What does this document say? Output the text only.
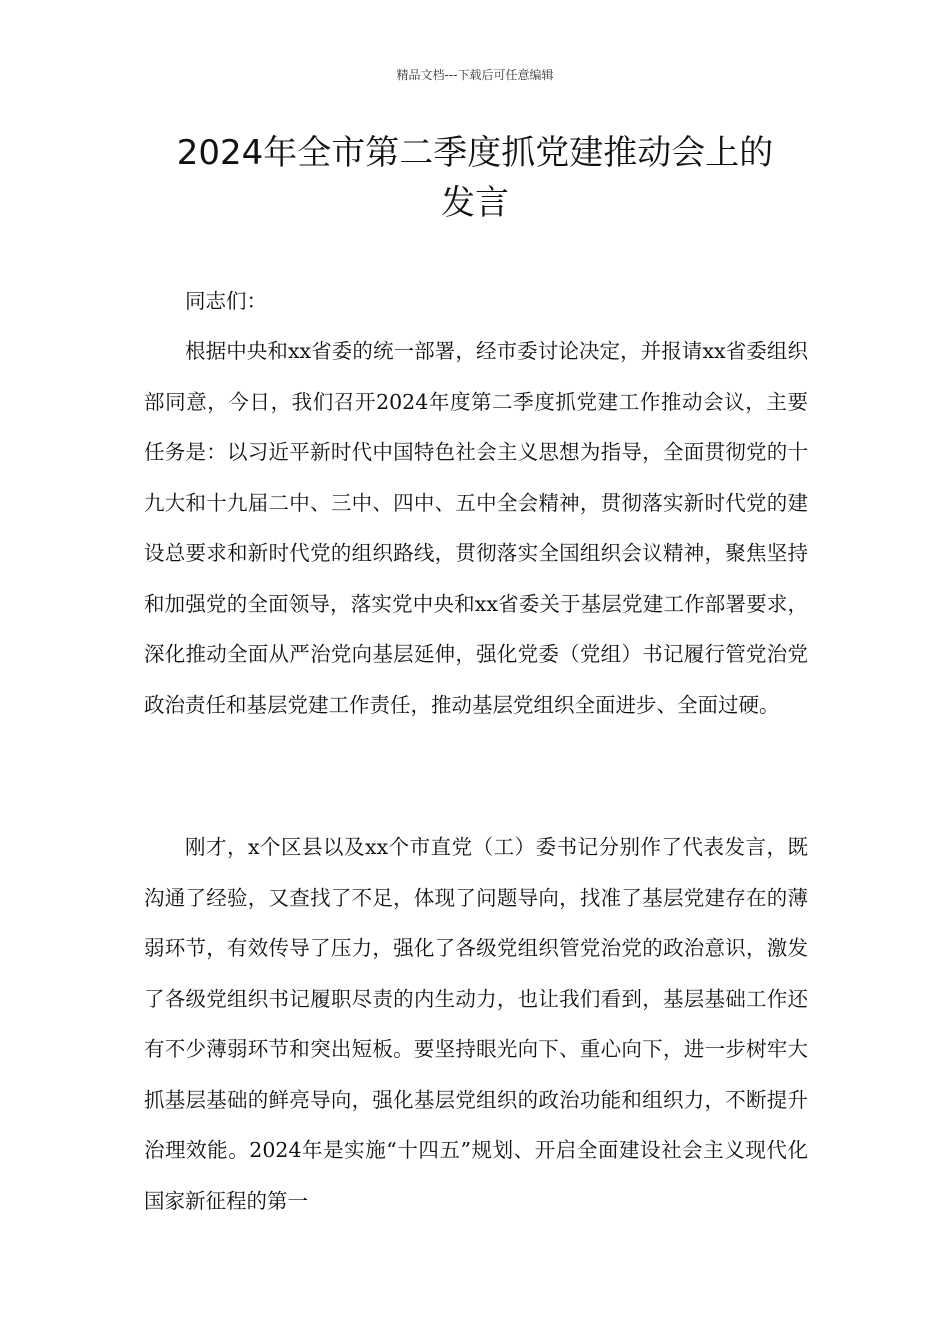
精品文档---下载后可任意编辑
2024年全市第二季度抓党建推动会上的
发言

同志们：

根据中央和xx省委的统一部署，经市委讨论决定，并报请xx省委组织部同意，今日，我们召开2024年度第二季度抓党建工作推动会议，主要任务是：以习近平新时代中国特色社会主义思想为指导，全面贯彻党的十九大和十九届二中、三中、四中、五中全会精神，贯彻落实新时代党的建设总要求和新时代党的组织路线，贯彻落实全国组织会议精神，聚焦坚持和加强党的全面领导，落实党中央和xx省委关于基层党建工作部署要求，深化推动全面从严治党向基层延伸，强化党委（党组）书记履行管党治党政治责任和基层党建工作责任，推动基层党组织全面进步、全面过硬。

刚才，x个区县以及xx个市直党（工）委书记分别作了代表发言，既沟通了经验，又查找了不足，体现了问题导向，找准了基层党建存在的薄弱环节，有效传导了压力，强化了各级党组织管党治党的政治意识，激发了各级党组织书记履职尽责的内生动力，也让我们看到，基层基础工作还有不少薄弱环节和突出短板。要坚持眼光向下、重心向下，进一步树牢大抓基层基础的鲜亮导向，强化基层党组织的政治功能和组织力，不断提升治理效能。2024年是实施“十四五”规划、开启全面建设社会主义现代化国家新征程的第一
